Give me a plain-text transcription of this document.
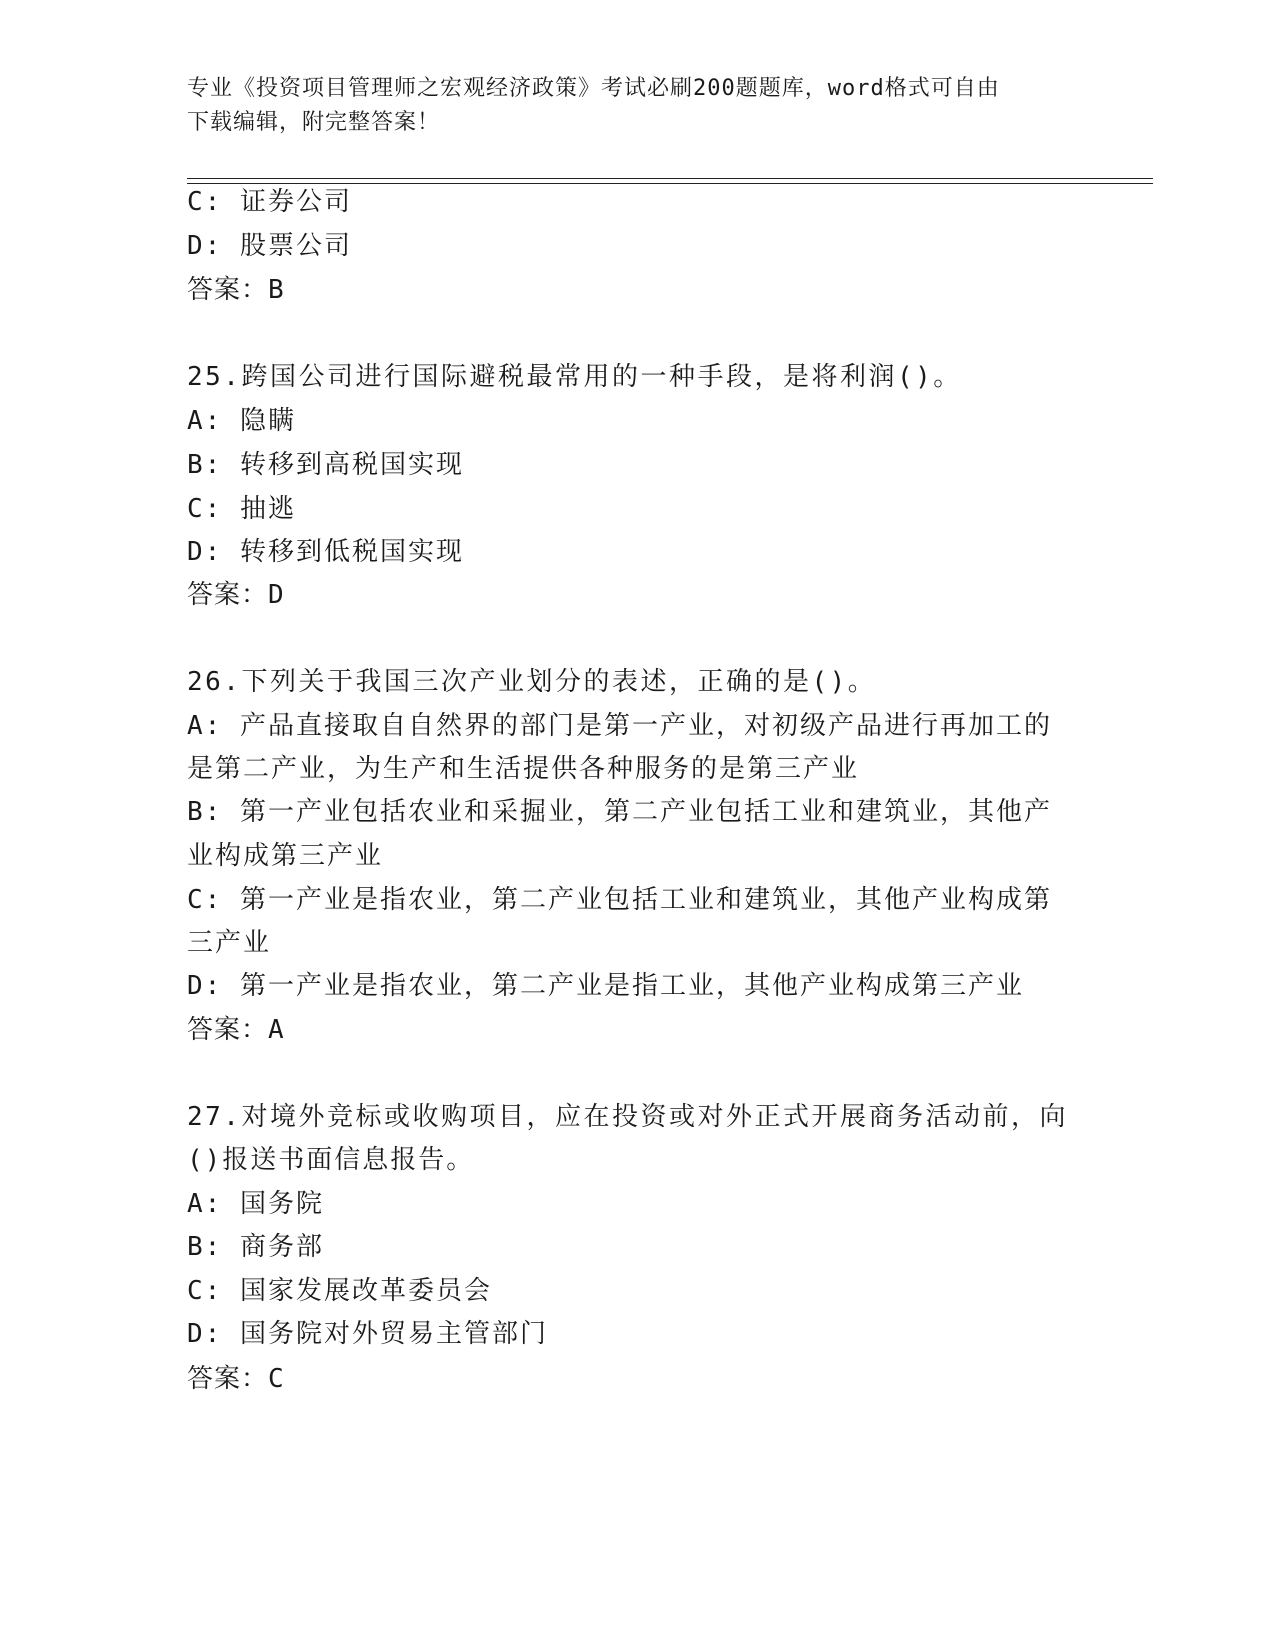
专业《投资项目管理师之宏观经济政策》考试必刷200题题库，word格式可自由
下载编辑，附完整答案！
C: 证券公司
D: 股票公司
答案：B
25.跨国公司进行国际避税最常用的一种手段，是将利润()。
A: 隐瞒
B: 转移到高税国实现
C: 抽逃
D: 转移到低税国实现
答案：D
26.下列关于我国三次产业划分的表述，正确的是()。
A: 产品直接取自自然界的部门是第一产业，对初级产品进行再加工的
是第二产业，为生产和生活提供各种服务的是第三产业
B: 第一产业包括农业和采掘业，第二产业包括工业和建筑业，其他产
业构成第三产业
C: 第一产业是指农业，第二产业包括工业和建筑业，其他产业构成第
三产业
D: 第一产业是指农业，第二产业是指工业，其他产业构成第三产业
答案：A
27.对境外竞标或收购项目，应在投资或对外正式开展商务活动前，向
()报送书面信息报告。
A: 国务院
B: 商务部
C: 国家发展改革委员会
D: 国务院对外贸易主管部门
答案：C
